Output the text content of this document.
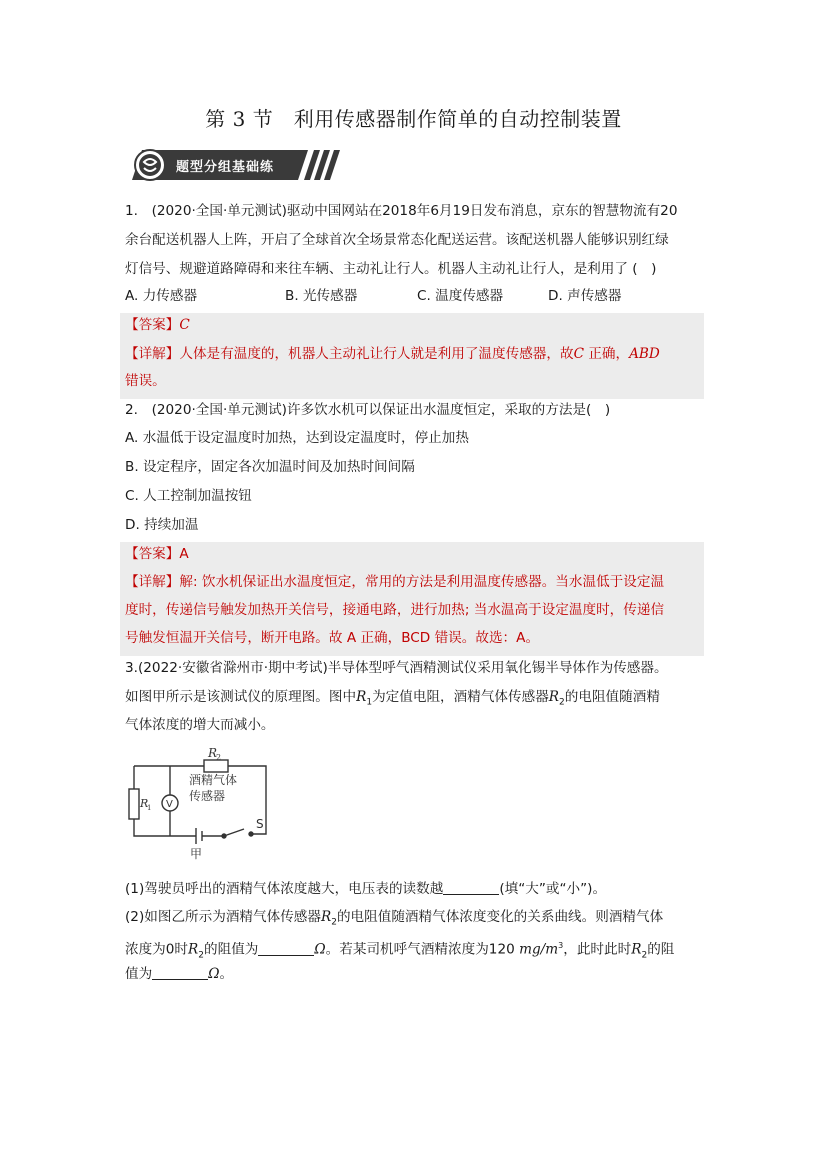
第 3 节　利用传感器制作简单的自动控制装置
题型分组基础练
1.　(2020·全国·单元测试)驱动中国网站在2018年6月19日发布消息，京东的智慧物流有20
余台配送机器人上阵，开启了全球首次全场景常态化配送运营。该配送机器人能够识别红绿
灯信号、规避道路障碍和来往车辆、主动礼让行人。机器人主动礼让行人，是利用了 (　)
A. 力传感器	B. 光传感器	C. 温度传感器	D. 声传感器
【答案】C
【详解】人体是有温度的，机器人主动礼让行人就是利用了温度传感器，故C 正确，ABD
错误。
2.　(2020·全国·单元测试)许多饮水机可以保证出水温度恒定，采取的方法是(　)
A. 水温低于设定温度时加热，达到设定温度时，停止加热
B. 设定程序，固定各次加温时间及加热时间间隔
C. 人工控制加温按钮
D. 持续加温
【答案】A
【详解】解: 饮水机保证出水温度恒定，常用的方法是利用温度传感器。当水温低于设定温
度时，传递信号触发加热开关信号，接通电路，进行加热; 当水温高于设定温度时，传递信
号触发恒温开关信号，断开电路。故 A 正确，BCD 错误。故选：A。
3.(2022·安徽省滁州市·期中考试)半导体型呼气酒精测试仪采用氧化锡半导体作为传感器。
如图甲所示是该测试仪的原理图。图中$R_1$为定值电阻，酒精气体传感器$R_2$的电阻值随酒精
气体浓度的增大而减小。
R
2
酒精气体
传感器
R
1 V
S
甲
(1)驾驶员呼出的酒精气体浓度越大，电压表的读数越	(填“大”或“小”)。
(2)如图乙所示为酒精气体传感器$R_2$的电阻值随酒精气体浓度变化的关系曲线。则酒精气体
浓度为0时$R_2$的阻值为	Ω。若某司机呼气酒精浓度为120 $mg/m^3$，此时此时$R_2$的阻
值为	Ω。
